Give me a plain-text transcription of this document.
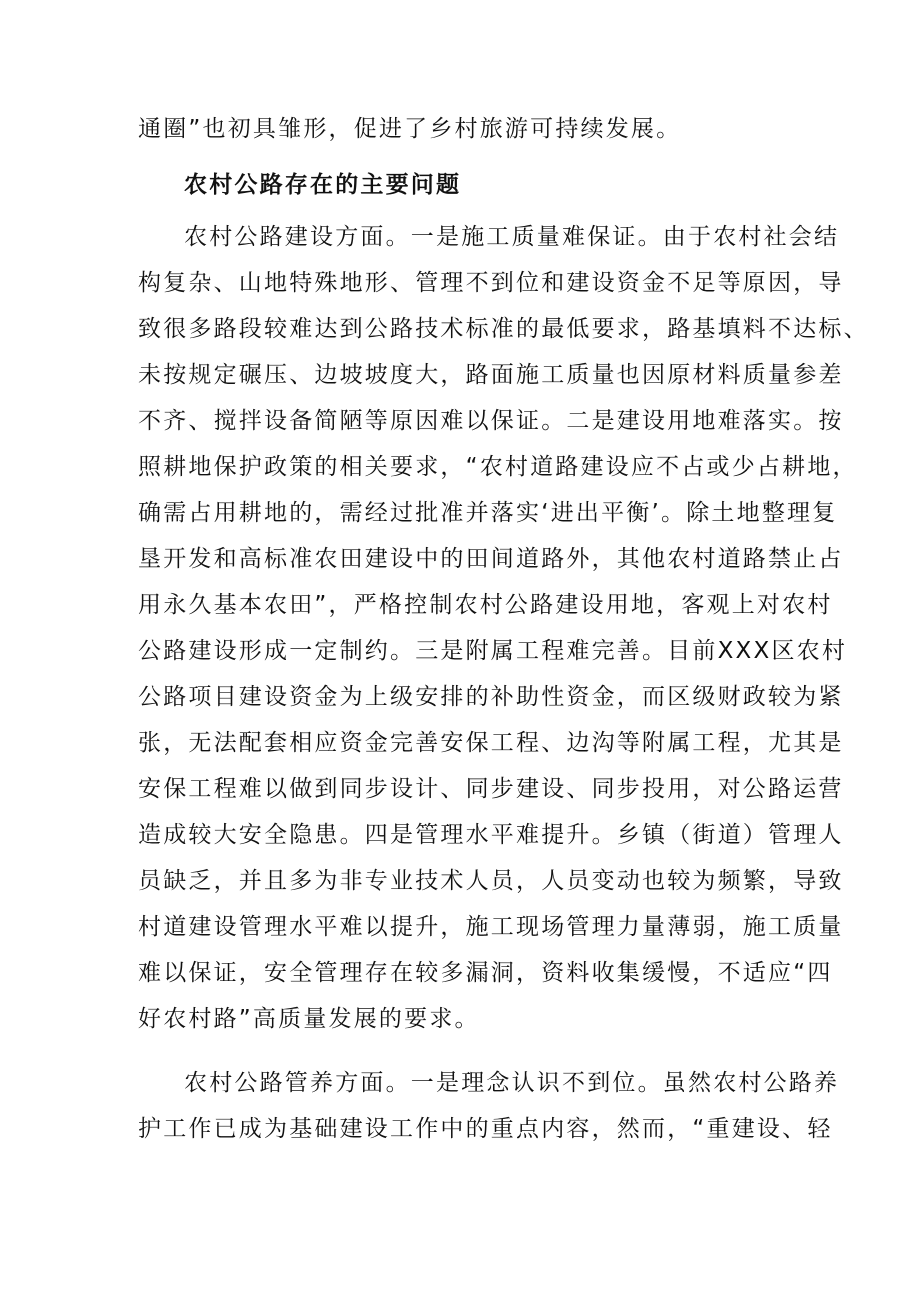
通圈”也初具雏形，促进了乡村旅游可持续发展。
农村公路存在的主要问题
农村公路建设方面。一是施工质量难保证。由于农村社会结
构复杂、山地特殊地形、管理不到位和建设资金不足等原因，导
致很多路段较难达到公路技术标准的最低要求，路基填料不达标、
未按规定碾压、边坡坡度大，路面施工质量也因原材料质量参差
不齐、搅拌设备简陋等原因难以保证。二是建设用地难落实。按
照耕地保护政策的相关要求，“农村道路建设应不占或少占耕地，
确需占用耕地的，需经过批准并落实‘进出平衡’。除土地整理复
垦开发和高标准农田建设中的田间道路外，其他农村道路禁止占
用永久基本农田”，严格控制农村公路建设用地，客观上对农村
公路建设形成一定制约。三是附属工程难完善。目前XXX区农村
公路项目建设资金为上级安排的补助性资金，而区级财政较为紧
张，无法配套相应资金完善安保工程、边沟等附属工程，尤其是
安保工程难以做到同步设计、同步建设、同步投用，对公路运营
造成较大安全隐患。四是管理水平难提升。乡镇（街道）管理人
员缺乏，并且多为非专业技术人员，人员变动也较为频繁，导致
村道建设管理水平难以提升，施工现场管理力量薄弱，施工质量
难以保证，安全管理存在较多漏洞，资料收集缓慢，不适应“四
好农村路”高质量发展的要求。
农村公路管养方面。一是理念认识不到位。虽然农村公路养
护工作已成为基础建设工作中的重点内容，然而，“重建设、轻
